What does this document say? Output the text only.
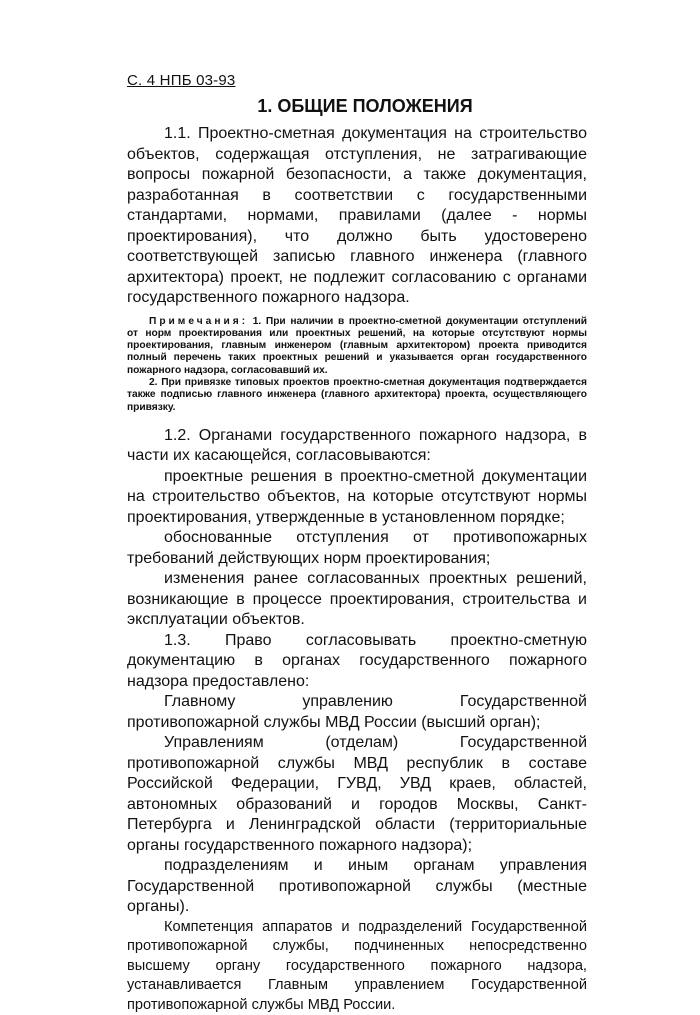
С. 4 НПБ 03-93
1. ОБЩИЕ ПОЛОЖЕНИЯ

1.1. Проектно-сметная документация на строительство объектов, содержащая отступления, не затрагивающие вопросы пожарной безопасности, а также документация, разработанная в соответствии с государственными стандартами, нормами, правилами (далее - нормы проектирования), что должно быть удостоверено соответствующей записью главного инженера (главного архитектора) проект, не подлежит согласованию с органами государственного пожарного надзора.

Примечания: 1. При наличии в проектно-сметной документации отступлений от норм проектирования или проектных решений, на которые отсутствуют нормы проектирования, главным инженером (главным архитектором) проекта приводится полный перечень таких проектных решений и указывается орган государственного пожарного надзора, согласовавший их.

2. При привязке типовых проектов проектно-сметная документация подтверждается также подписью главного инженера (главного архитектора) проекта, осуществляющего привязку.

1.2. Органами государственного пожарного надзора, в части их касающейся, согласовываются:

проектные решения в проектно-сметной документации на строительство объектов, на которые отсутствуют нормы проектирования, утвержденные в установленном порядке;

обоснованные отступления от противопожарных требований действующих норм проектирования;

изменения ранее согласованных проектных решений, возникающие в процессе проектирования, строительства и эксплуатации объектов.

1.3. Право согласовывать проектно-сметную документацию в органах государственного пожарного надзора предоставлено:

Главному управлению Государственной противопожарной службы МВД России (высший орган);

Управлениям (отделам) Государственной противопожарной службы МВД республик в составе Российской Федерации, ГУВД, УВД краев, областей, автономных образований и городов Москвы, Санкт-Петербурга и Ленинградской области (территориальные органы государственного пожарного надзора);

подразделениям и иным органам управления Государственной противопожарной службы (местные органы).

Компетенция аппаратов и подразделений Государственной противопожарной службы, подчиненных непосредственно высшему органу государственного пожарного надзора, устанавливается Главным управлением Государственной противопожарной службы МВД России.
